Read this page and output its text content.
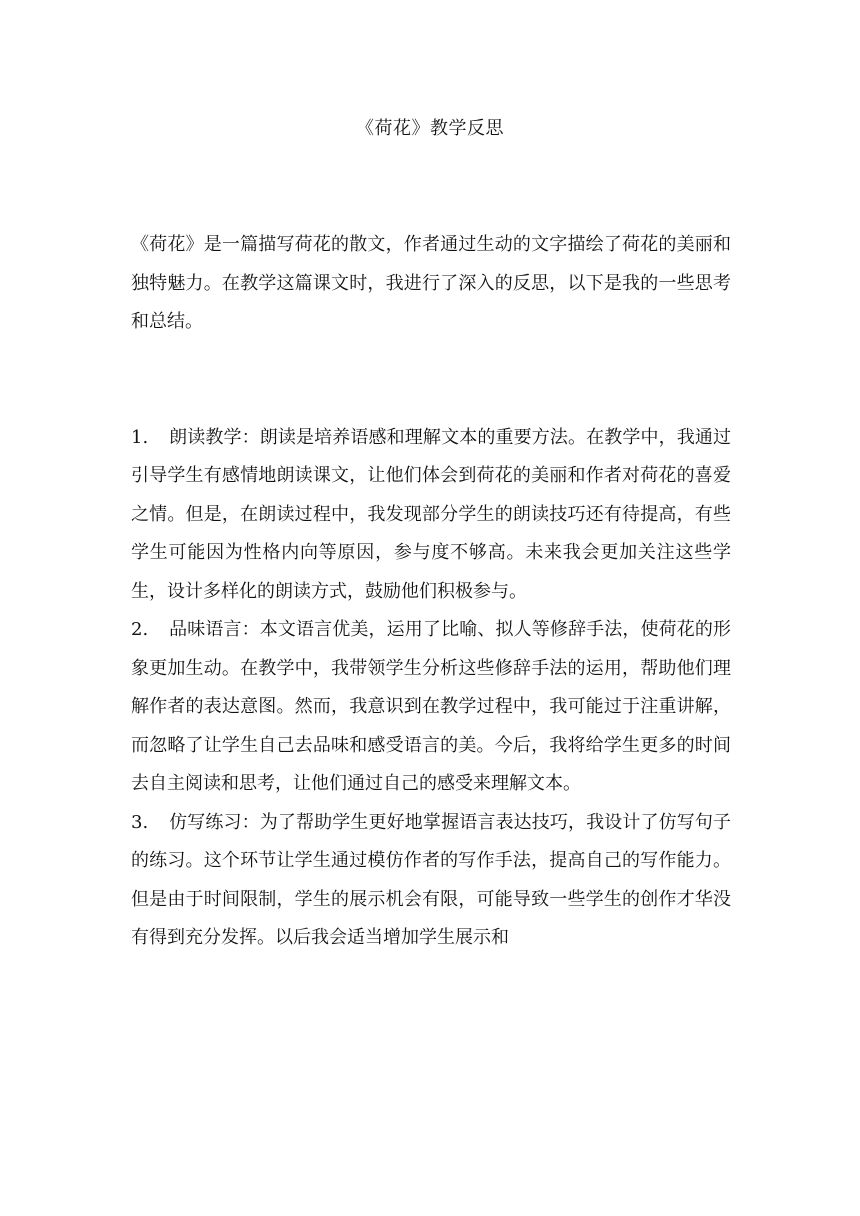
《荷花》教学反思

《荷花》是一篇描写荷花的散文，作者通过生动的文字描绘了荷花的美丽和独特魅力。在教学这篇课文时，我进行了深入的反思，以下是我的一些思考和总结。

1. 朗读教学：朗读是培养语感和理解文本的重要方法。在教学中，我通过引导学生有感情地朗读课文，让他们体会到荷花的美丽和作者对荷花的喜爱之情。但是，在朗读过程中，我发现部分学生的朗读技巧还有待提高，有些学生可能因为性格内向等原因，参与度不够高。未来我会更加关注这些学生，设计多样化的朗读方式，鼓励他们积极参与。

2. 品味语言：本文语言优美，运用了比喻、拟人等修辞手法，使荷花的形象更加生动。在教学中，我带领学生分析这些修辞手法的运用，帮助他们理解作者的表达意图。然而，我意识到在教学过程中，我可能过于注重讲解，而忽略了让学生自己去品味和感受语言的美。今后，我将给学生更多的时间去自主阅读和思考，让他们通过自己的感受来理解文本。

3. 仿写练习：为了帮助学生更好地掌握语言表达技巧，我设计了仿写句子的练习。这个环节让学生通过模仿作者的写作手法，提高自己的写作能力。但是由于时间限制，学生的展示机会有限，可能导致一些学生的创作才华没有得到充分发挥。以后我会适当增加学生展示和
